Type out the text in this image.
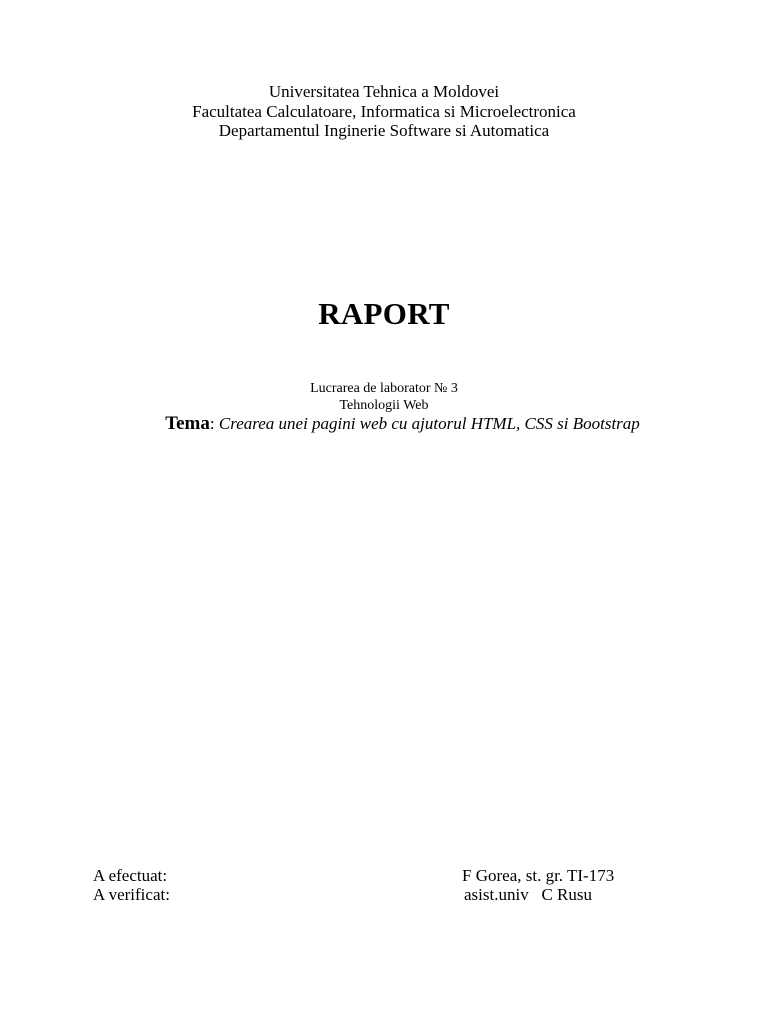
Universitatea Tehnica a Moldovei
Facultatea Calculatoare, Informatica si Microelectronica
Departamentul Inginerie Software si Automatica
RAPORT
Lucrarea de laborator № 3
Tehnologii Web
Tema: Crearea unei pagini web cu ajutorul HTML, CSS si Bootstrap

A efectuat:

	F Gorea, st. gr. TI-173

A verificat:

	asist.univ   C Rusu
